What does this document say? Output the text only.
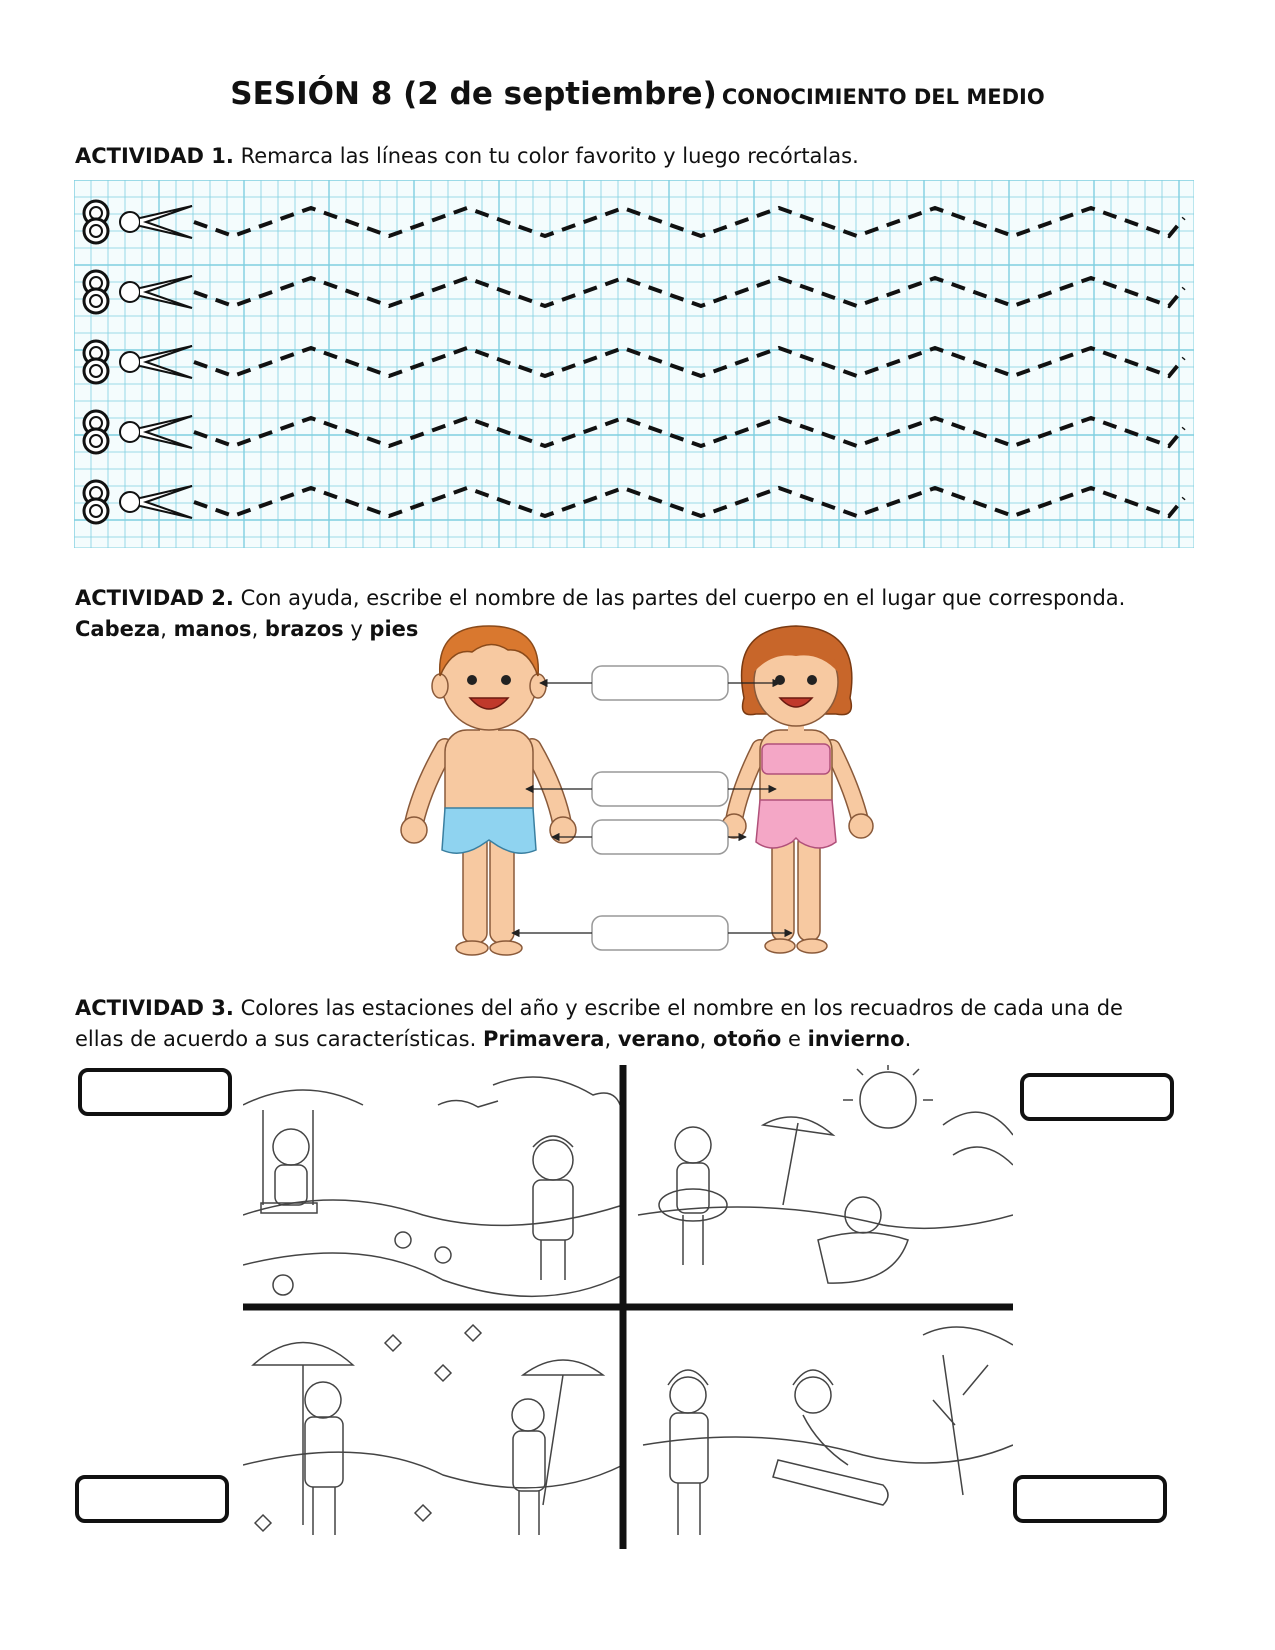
SESIÓN 8 (2 de septiembre) CONOCIMIENTO DEL MEDIO
ACTIVIDAD 1. Remarca las líneas con tu color favorito y luego recórtalas.
ACTIVIDAD 2. Con ayuda, escribe el nombre de las partes del cuerpo en el lugar que corresponda.
Cabeza, manos, brazos y pies
ACTIVIDAD 3. Colores las estaciones del año y escribe el nombre en los recuadros de cada una de
ellas de acuerdo a sus características. Primavera, verano, otoño e invierno.
